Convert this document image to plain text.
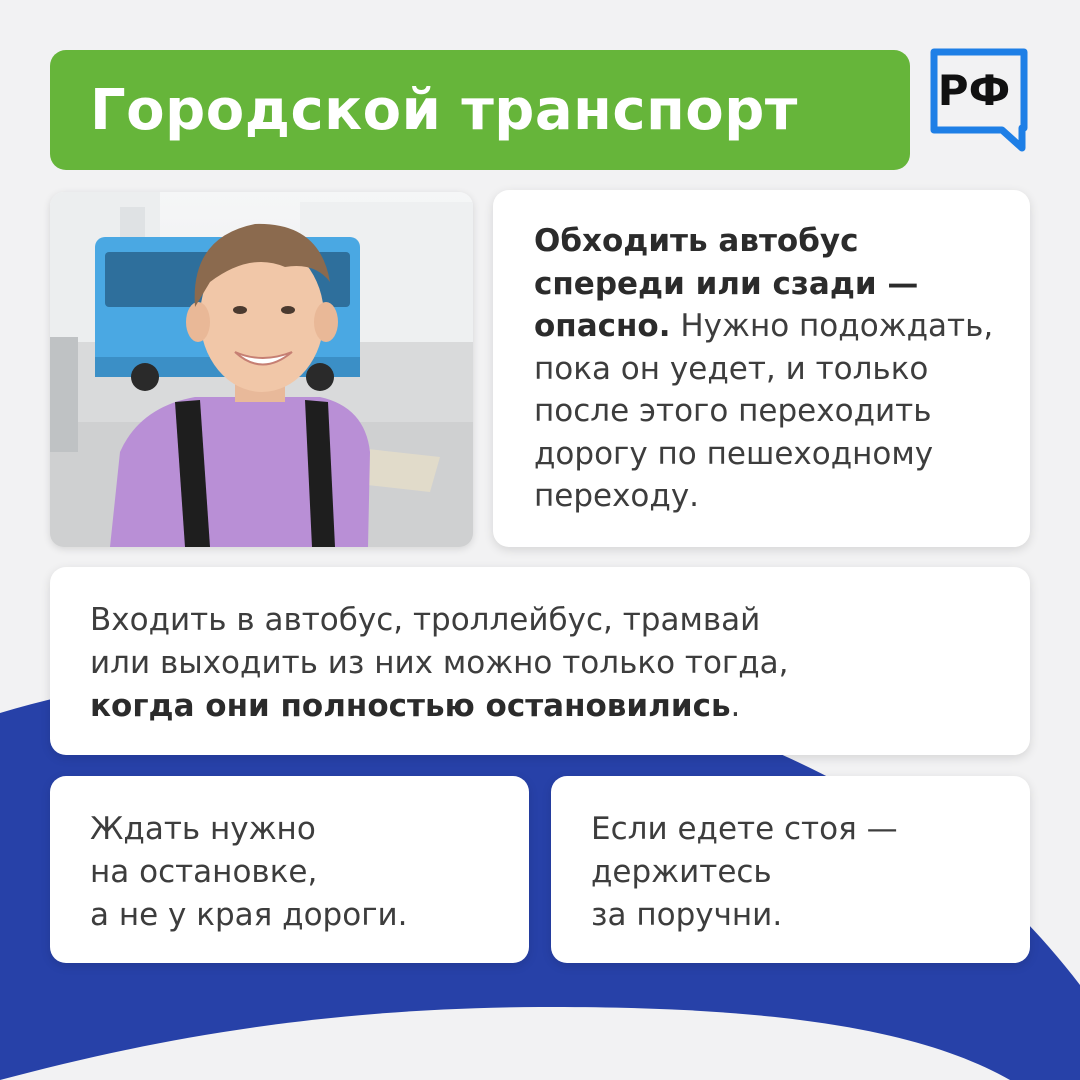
Городской транспорт	РФ
Обходить автобус
спереди или сзади —
опасно. Нужно подождать,
пока он уедет, и только
после этого переходить
дорогу по пешеходному
переходу.
Входить в автобус, троллейбус, трамвай
или выходить из них можно только тогда,
когда они полностью остановились.
Ждать нужно
на остановке,
а не у края дороги.
Если едете стоя —
держитесь
за поручни.
